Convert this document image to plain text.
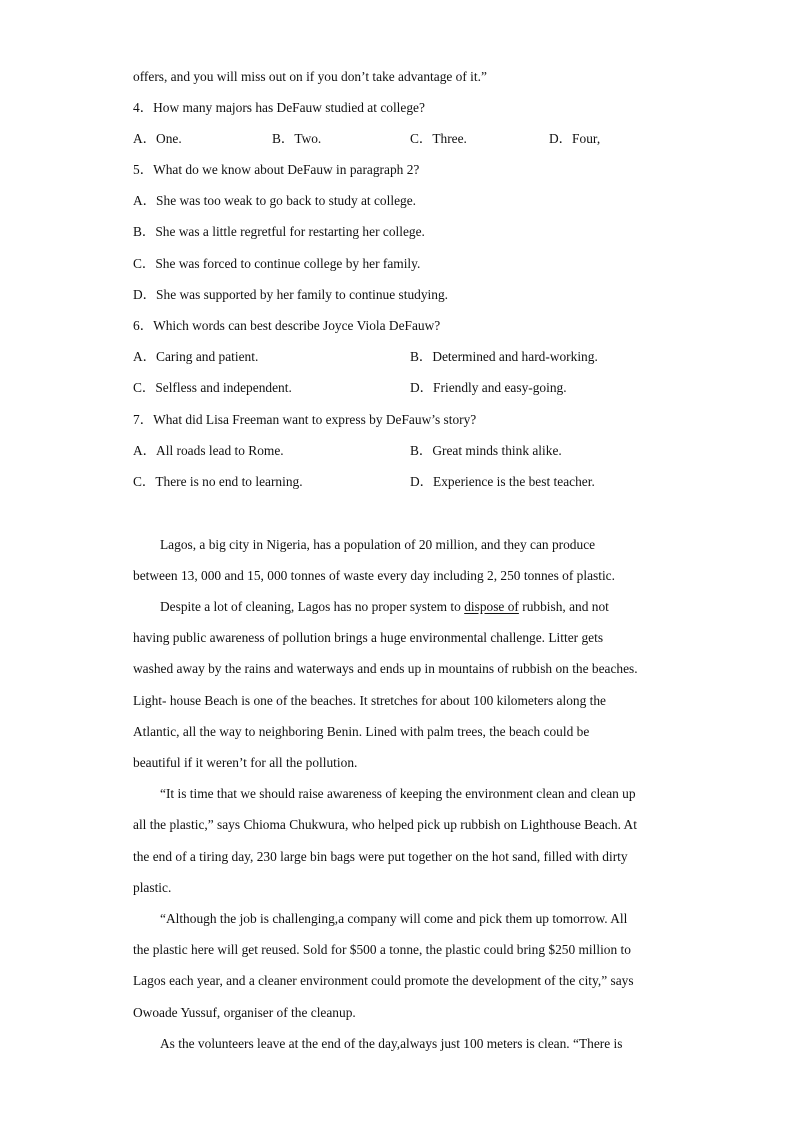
offers, and you will miss out on if you don’t take advantage of it.”
4．How many majors has DeFauw studied at college?
A．One.	B．Two.	C．Three.	D．Four,
5．What do we know about DeFauw in paragraph 2?
A．She was too weak to go back to study at college.
B．She was a little regretful for restarting her college.
C．She was forced to continue college by her family.
D．She was supported by her family to continue studying.
6．Which words can best describe Joyce Viola DeFauw?
A．Caring and patient.	B．Determined and hard-working.
C．Selfless and independent.	D．Friendly and easy-going.
7．What did Lisa Freeman want to express by DeFauw’s story?
A．All roads lead to Rome.	B．Great minds think alike.
C．There is no end to learning.	D．Experience is the best teacher.
Lagos, a big city in Nigeria, has a population of 20 million, and they can produce
between 13, 000 and 15, 000 tonnes of waste every day including 2, 250 tonnes of plastic.
Despite a lot of cleaning, Lagos has no proper system to dispose of rubbish, and not
having public awareness of pollution brings a huge environmental challenge. Litter gets
washed away by the rains and waterways and ends up in mountains of rubbish on the beaches.
Light- house Beach is one of the beaches. It stretches for about 100 kilometers along the
Atlantic, all the way to neighboring Benin. Lined with palm trees, the beach could be
beautiful if it weren’t for all the pollution.
“It is time that we should raise awareness of keeping the environment clean and clean up
all the plastic,” says Chioma Chukwura, who helped pick up rubbish on Lighthouse Beach. At
the end of a tiring day, 230 large bin bags were put together on the hot sand, filled with dirty
plastic.
“Although the job is challenging,a company will come and pick them up tomorrow. All
the plastic here will get reused. Sold for $500 a tonne, the plastic could bring $250 million to
Lagos each year, and a cleaner environment could promote the development of the city,” says
Owoade Yussuf, organiser of the cleanup.
As the volunteers leave at the end of the day,always just 100 meters is clean. “There is
